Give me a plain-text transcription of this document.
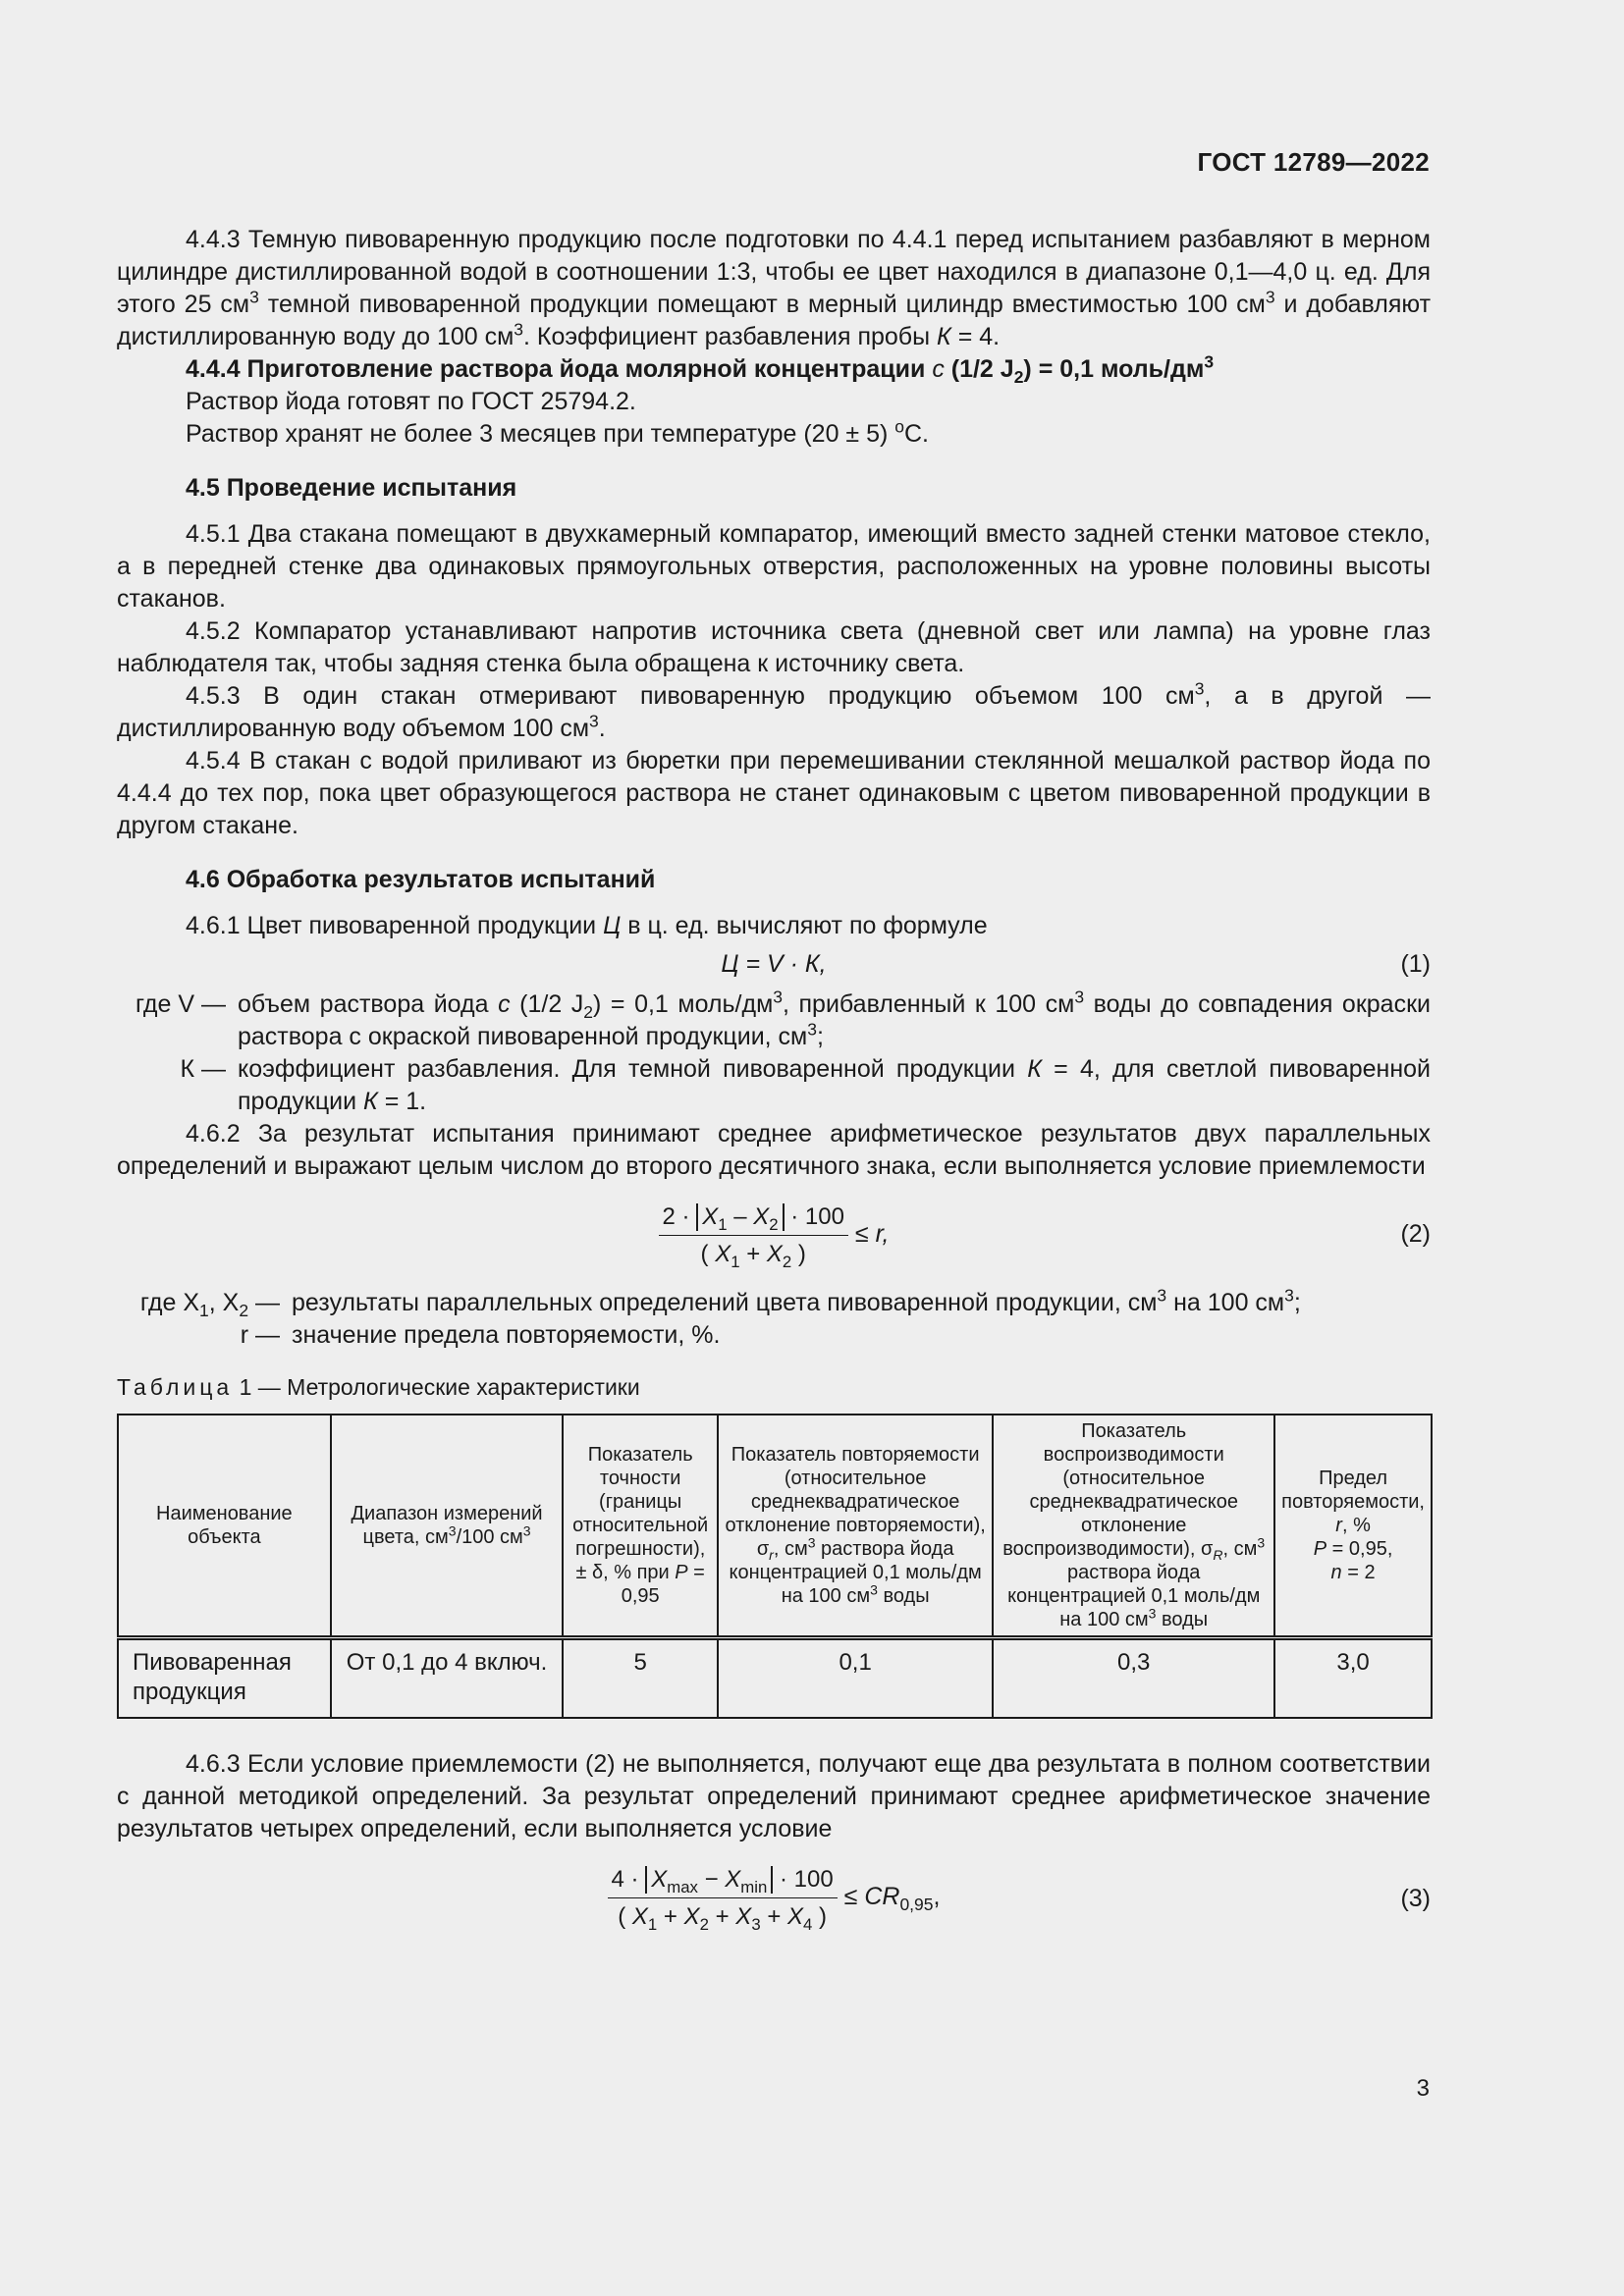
ГОСТ 12789—2022

4.4.3 Темную пивоваренную продукцию после подготовки по 4.4.1 перед испытанием разбавляют в мерном цилиндре дистиллированной водой в соотношении 1:3, чтобы ее цвет находился в диапазоне 0,1—4,0 ц. ед. Для этого 25 $см^3$ темной пивоваренной продукции помещают в мерный цилиндр вместимостью 100 $см^3$ и добавляют дистиллированную воду до 100 $см^3$. Коэффициент разбавления пробы К = 4.

4.4.4 Приготовление раствора йода молярной концентрации с (1/2 $J_2) = 0,1$ моль/$дм^3$

Раствор йода готовят по ГОСТ 25794.2.

Раствор хранят не более 3 месяцев при температуре (20 ± 5) $^о$С.

4.5 Проведение испытания

4.5.1 Два стакана помещают в двухкамерный компаратор, имеющий вместо задней стенки матовое стекло, а в передней стенке два одинаковых прямоугольных отверстия, расположенных на уровне половины высоты стаканов.

4.5.2 Компаратор устанавливают напротив источника света (дневной свет или лампа) на уровне глаз наблюдателя так, чтобы задняя стенка была обращена к источнику света.

4.5.3 В один стакан отмеривают пивоваренную продукцию объемом 100 $см^3$, а в другой — дистиллированную воду объемом 100 $см^3$.

4.5.4 В стакан с водой приливают из бюретки при перемешивании стеклянной мешалкой раствор йода по 4.4.4 до тех пор, пока цвет образующегося раствора не станет одинаковым с цветом пивоваренной продукции в другом стакане.

4.6 Обработка результатов испытаний

4.6.1 Цвет пивоваренной продукции Ц в ц. ед. вычисляют по формуле

Ц = V · К,	(1)
где V — объем раствора йода с (1/2 $J_2) = 0,1$ моль/$дм^3$, прибавленный к 100 $см^3$ воды до совпадения окраски раствора с окраской пивоваренной продукции, $см^3$;
К — коэффициент разбавления. Для темной пивоваренной продукции К = 4, для светлой пивоваренной продукции К = 1.

4.6.2 За результат испытания принимают среднее арифметическое результатов двух параллельных определений и выражают целым числом до второго десятичного знака, если выполняется условие приемлемости

$\frac{2 \cdot X_1 - X_2 \cdot 100}{( X_1 + X_2 )} \le r$,	(2)
где $X_1$, $X_2$ — результаты параллельных определений цвета пивоваренной продукции, $см^3$ на 100 $см^3$;
r — значение предела повторяемости, %.

Таблица 1 — Метрологические характеристики

Наименование объекта	Диапазон измерений цвета, $см^3/100$ $см^3$	Показатель точности (границы относительной погрешности), ± δ, % при P = 0,95	Показатель повторяемости (относительное среднеквадратическое отклонение повторяемости), $\sigma_r$, $см^3$ раствора йода концентрацией 0,1 моль/дм на 100 $см^3$ воды	Показатель воспроизводимости (относительное среднеквадратическое отклонение воспроизводимости), $\sigma_R$, $см^3$ раствора йода концентрацией 0,1 моль/дм на 100 $см^3$ воды	Предел повторяемости, r, %
P = 0,95,
n = 2
Пивоваренная продукция	От 0,1 до 4 включ.	5	0,1	0,3	3,0

4.6.3 Если условие приемлемости (2) не выполняется, получают еще два результата в полном соответствии с данной методикой определений. За результат определений принимают среднее арифметическое значение результатов четырех определений, если выполняется условие

$\frac{4 \cdot X_{max} - X_{min} \cdot 100}{( X_1 + X_2 + X_3 + X_4 )} \le CR_{0,95}$,	(3)
3
